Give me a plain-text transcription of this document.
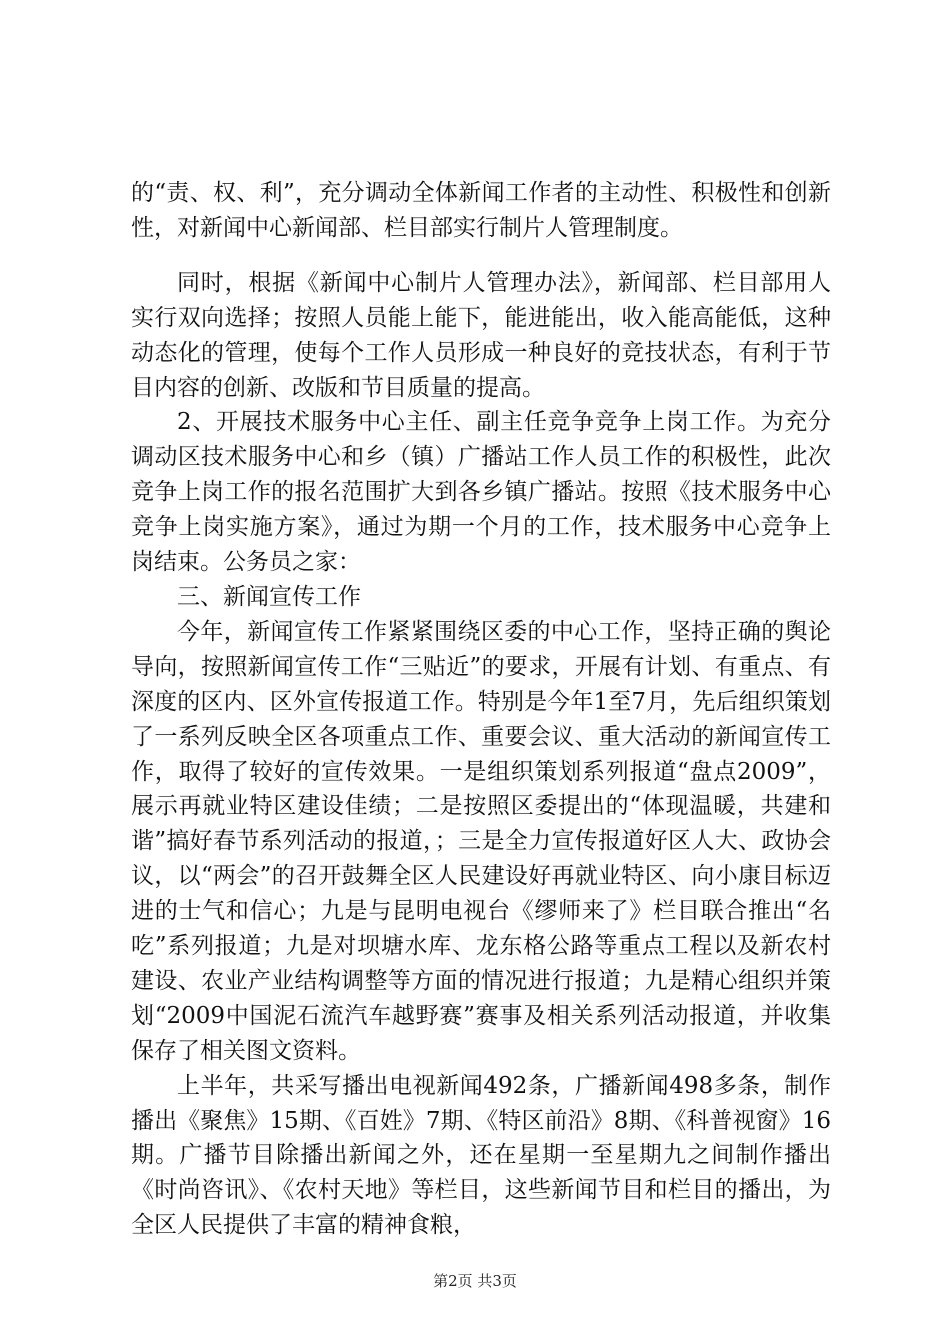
的“责、权、利”，充分调动全体新闻工作者的主动性、积极性和创新性，对新闻中心新闻部、栏目部实行制片人管理制度。

同时，根据《新闻中心制片人管理办法》，新闻部、栏目部用人实行双向选择；按照人员能上能下，能进能出，收入能高能低，这种动态化的管理，使每个工作人员形成一种良好的竞技状态，有利于节目内容的创新、改版和节目质量的提高。

2、开展技术服务中心主任、副主任竞争竞争上岗工作。为充分调动区技术服务中心和乡（镇）广播站工作人员工作的积极性，此次竞争上岗工作的报名范围扩大到各乡镇广播站。按照《技术服务中心竞争上岗实施方案》，通过为期一个月的工作，技术服务中心竞争上岗结束。公务员之家：

三、新闻宣传工作

今年，新闻宣传工作紧紧围绕区委的中心工作，坚持正确的舆论导向，按照新闻宣传工作“三贴近”的要求，开展有计划、有重点、有深度的区内、区外宣传报道工作。特别是今年1至7月，先后组织策划了一系列反映全区各项重点工作、重要会议、重大活动的新闻宣传工作，取得了较好的宣传效果。一是组织策划系列报道“盘点2009”，展示再就业特区建设佳绩；二是按照区委提出的“体现温暖，共建和谐”搞好春节系列活动的报道，；三是全力宣传报道好区人大、政协会议，以“两会”的召开鼓舞全区人民建设好再就业特区、向小康目标迈进的士气和信心；九是与昆明电视台《缪师来了》栏目联合推出“名吃”系列报道；九是对坝塘水库、龙东格公路等重点工程以及新农村建设、农业产业结构调整等方面的情况进行报道；九是精心组织并策划“2009中国泥石流汽车越野赛”赛事及相关系列活动报道，并收集保存了相关图文资料。

上半年，共采写播出电视新闻492条，广播新闻498多条，制作播出《聚焦》15期、《百姓》7期、《特区前沿》8期、《科普视窗》16期。广播节目除播出新闻之外，还在星期一至星期九之间制作播出《时尚咨讯》、《农村天地》等栏目，这些新闻节目和栏目的播出，为全区人民提供了丰富的精神食粮，

第2页 共3页
